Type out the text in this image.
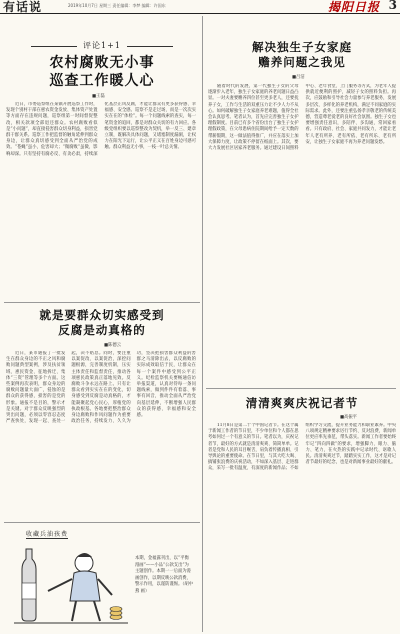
有话说	2019年10月7日 星期三 责任编辑：李梦 编辑：许国东	揭阳日报 3
评论1+1
农村腐败无小事
巡查工作暖人心
■王磊

近日，市委巡察组在某镇开展巡察工作时，发现个别村干部在惠农资金发放、集体资产处置等方面存在违规问题，巡察组第一时间督促整改，相关款项全部退还群众。农村腐败看似是“小问题”，却直接侵害群众切身利益，损害党群干群关系。巡察工作把监督的触角延伸到群众身边，让群众真切感受到全面从严治党的成效。“苍蝇”虽小，危害却大；“微腐败”虽微，影响却深。只有坚持有腐必反、有贪必肃，持续深化基层正风反腐，才能让群众有更多获得感、幸福感、安全感。巡察不是走过场，而是一次次实实在在的“体检”。每一个问题线索的查实，每一笔资金的追回，都是对群众关切的有力回应。各级党组织要以巡察整改为契机，举一反三、建章立制，既解决具体问题，又堵塞制度漏洞，让权力在阳光下运行，让公平正义在百姓身边可感可触。群众利益无小事，一枝一叶总关情。

就是要群众切实感受到
反腐是动真格的
■陈德云

近日，某市通报了一批发生在群众身边的不正之风和腐败问题典型案例，涉及扶贫领域、惠民资金、征地拆迁、集体“三资”管理等多个方面。这些案例再次表明，群众身边的腐败问题量大面广，侵蚀的是群众的获得感，损害的是党的形象。通报不是目的，警示才是关键。对于群众反映强烈的突出问题，必须以零容忍态度严查快处，发现一起、查处一起，决不姑息。同时，要注重以案促改、以案促治，深挖问题根源，完善制度机制，压实主体责任和监督责任，推动各项惠民政策真正落地见效。反腐败斗争永远在路上。只有让群众看到实实在在的变化，切身感受到反腐是动真格的，才能凝聚起党心民心，厚植党的执政根基。各地要把整治群众身边腐败和作风问题作为重要政治任务，持续发力、久久为功，坚决把损害群众利益的害群之马清除出去，以反腐败的实际成效取信于民，让群众在每一个案件中感受到公平正义。纪检监察机关要畅通信访举报渠道，认真对待每一条问题线索，做到件件有着落、事事有回音，推动全面从严治党向基层延伸，不断增强人民群众的获得感、幸福感和安全感。

解决独生子女家庭
赡养问题之我见
■吕洁

随着时代的发展，第一代独生子女的父母逐渐步入老年，独生子女家庭的养老问题日益凸显。一对夫妻要赡养四位甚至更多老人，还要抚养子女，工作与生活的双重压力让不少人力不从心。如何破解独生子女家庭养老难题，值得全社会认真思考。笔者认为，首先应完善独生子女护理假制度。目前已有多个省份出台了独生子女护理假政策，在父母患病住院期间给予一定天数的带薪假期，这一做法值得推广，并应在落实上加大保障力度，让政策不停留在纸面上。其次，要大力发展社区居家养老服务。通过建设日间照料中心、老年食堂、上门服务等方式，为老年人提供就近便利的照护，减轻子女的照料负担。再次，应鼓励和引导社会力量参与养老服务，发展多层次、多样化的养老机构，满足不同家庭的实际需求。此外，还要注重弘扬孝亲敬老的传统美德，营造尊老爱老的良好社会氛围。独生子女也要增强责任意识，多陪伴、多沟通，常回家看看。只有政府、社会、家庭共同发力，才能让老年人老有所养、老有所依、老有所乐、老有所安，让独生子女家庭不再为养老问题发愁。

清清爽爽庆祝记者节
■高振平

11月8日是第二十个中国记者节。在这个属于新闻工作者的节日里，不少单位和个人都在思考如何过一个有意义的节日。笔者以为，庆祝记者节，最好的方式就是清清爽爽、简简单单。记者是党和人民的耳目喉舌，肩负着传播真相、引导舆论的重要使命。在节日里，与其大吃大喝、搞铺张浪费的庆祝活动，不如深入基层、走进群众，采写一批有温度、有深度的新闻作品；不如组织学习交流，提升业务能力和职业素养。中央八项规定精神要求厉行节约、反对浪费，新闻单位更应率先垂范，带头落实。新闻工作者要始终牢记“四向四做”的要求，增强脚力、眼力、脑力、笔力，在火热的实践中记录时代、讴歌人民。清清爽爽过节，踏踏实实工作，这才是对记者节最好的纪念，也是对新闻事业最好的献礼。

收藏兵油孩费
本期，金福露刊出，以“平衡漫画”——小品“公款支出”为主题创作。本期一一后面为漫画创作，以期反映公款消费，警示作用，以谨防谨惕。（胡中燕 画）
